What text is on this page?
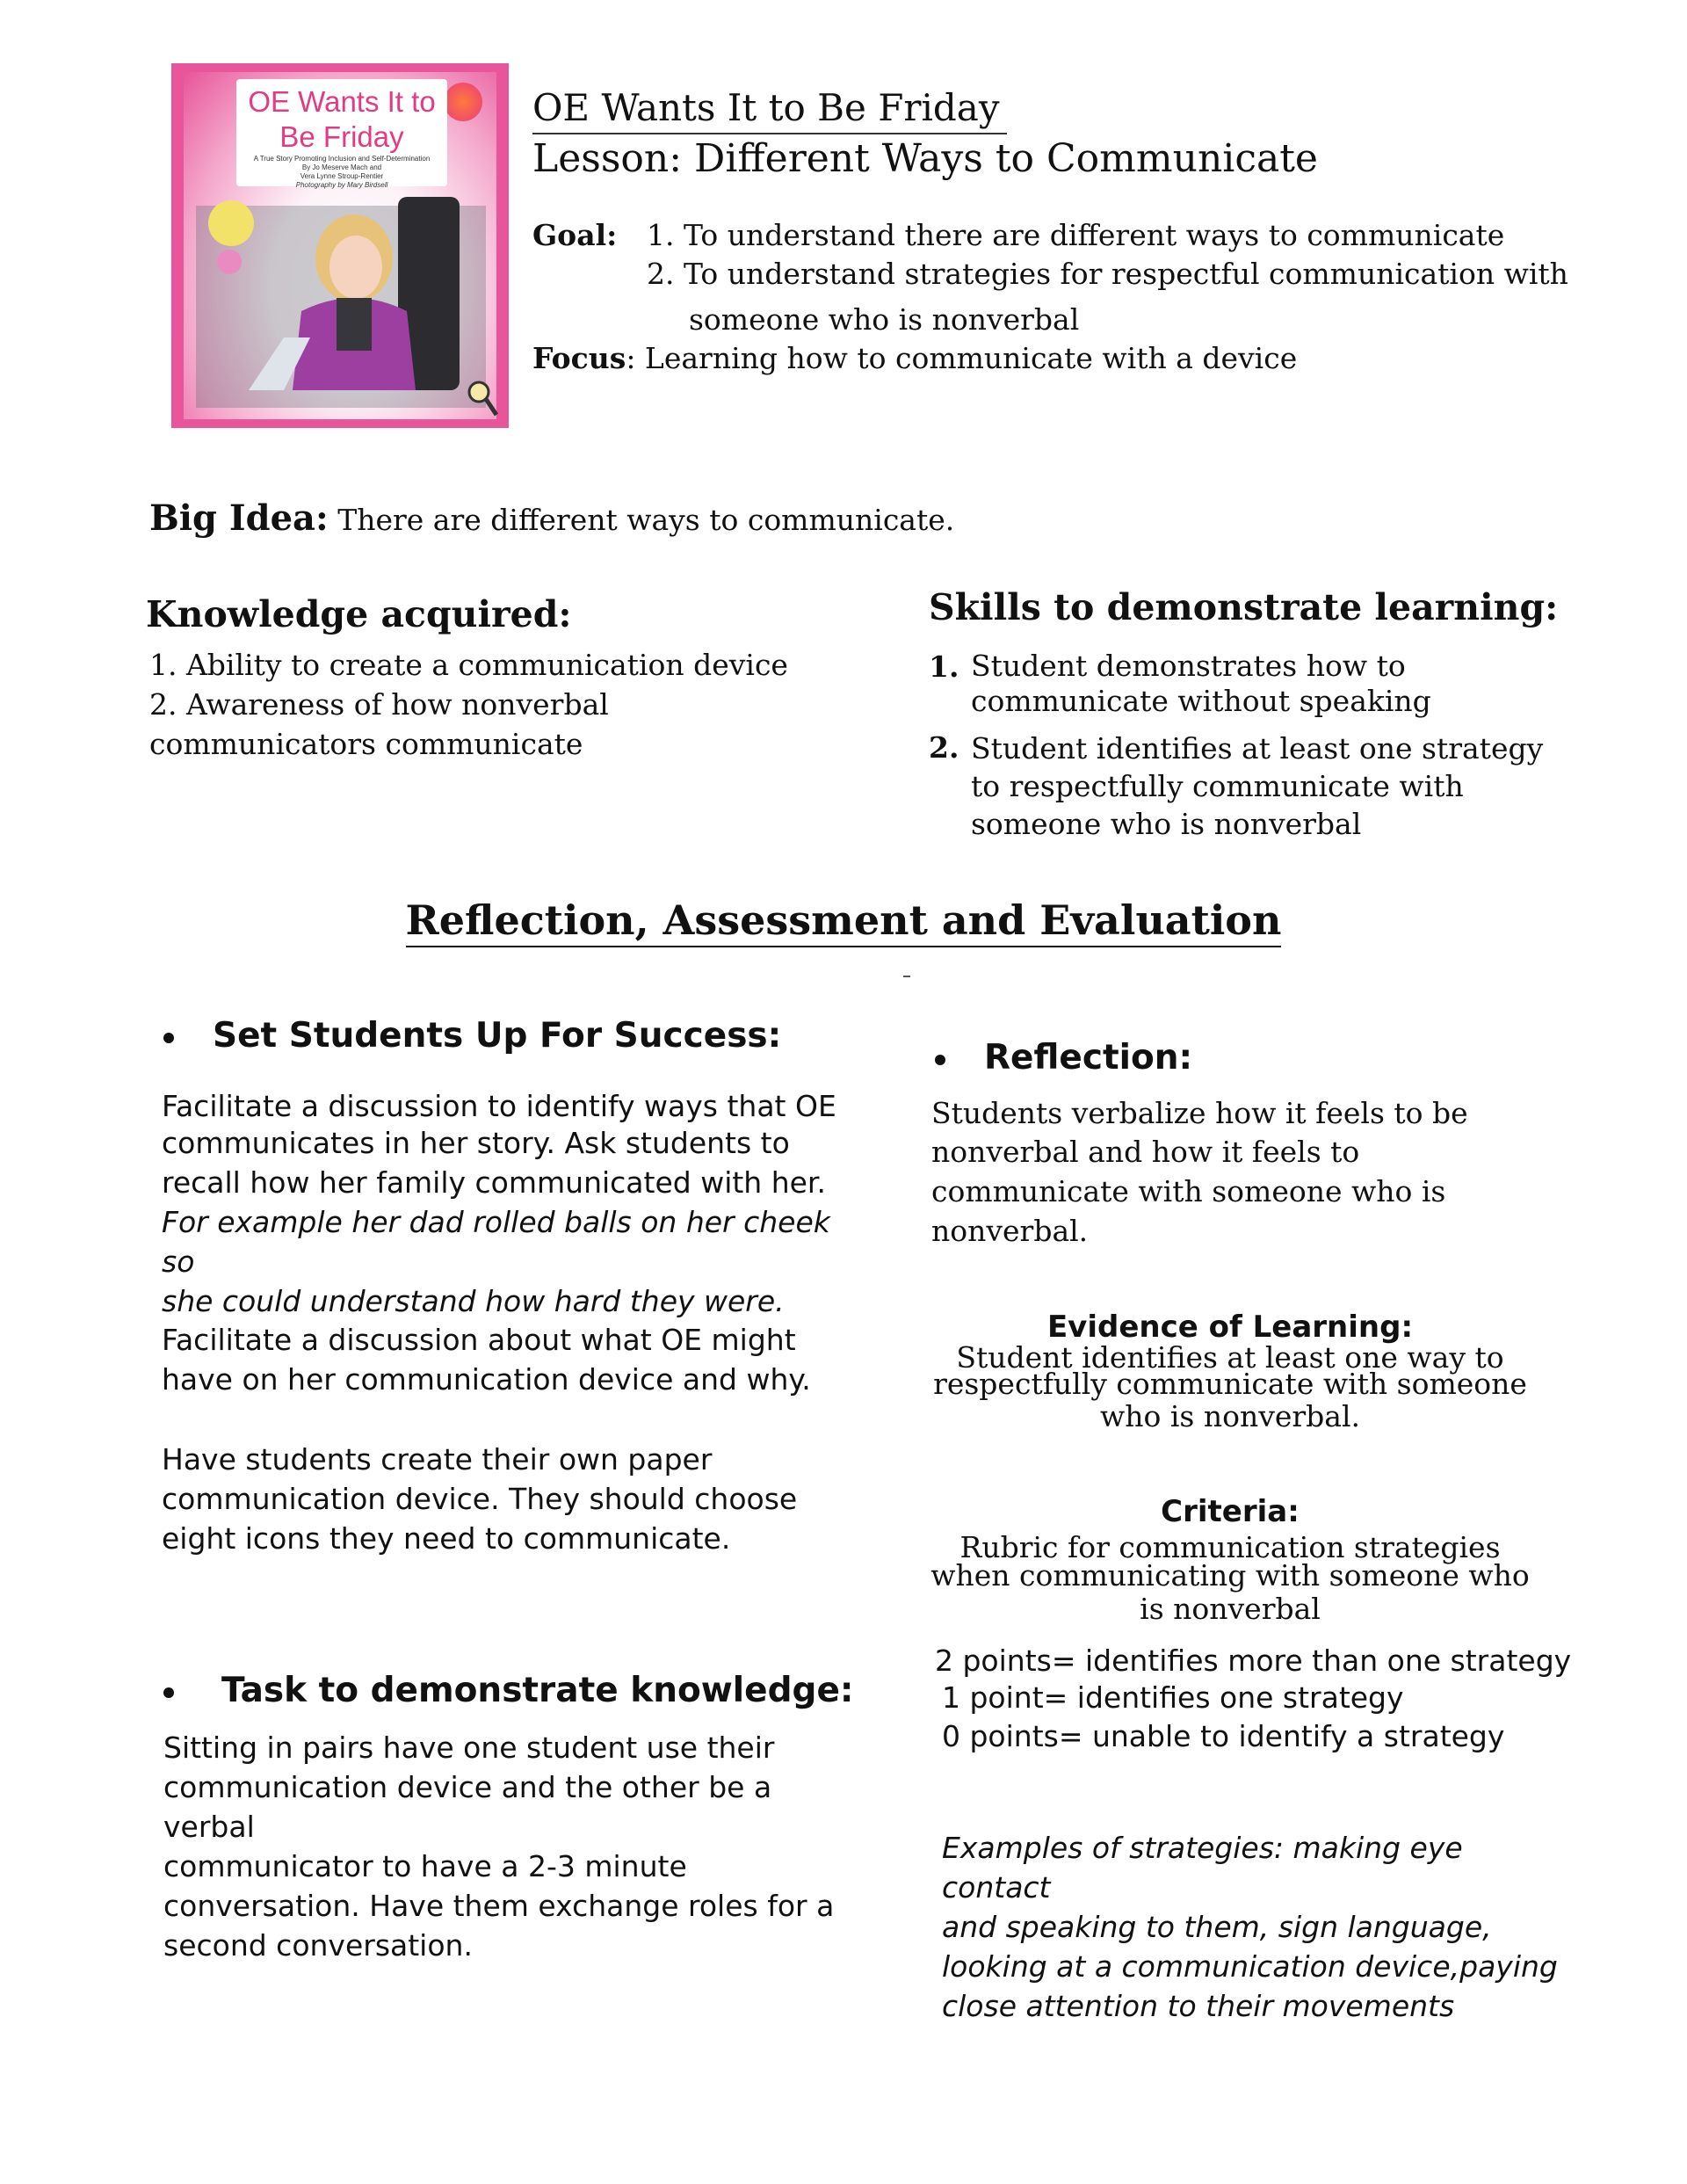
OE Wants It to Be Friday
A True Story Promoting Inclusion and Self-Determination
By Jo Meserve Mach and
Vera Lynne Stroup-Rentier
Photography by Mary Birdsell
OE Wants It to Be Friday
Lesson: Different Ways to Communicate
Goal: 1. To understand there are different ways to communicate
2. To understand strategies for respectful communication with
someone who is nonverbal
Focus: Learning how to communicate with a device
Big Idea: There are different ways to communicate.
Knowledge acquired:
1. Ability to create a communication device
2. Awareness of how nonverbal
communicators communicate
Skills to demonstrate learning:
1. Student demonstrates how to
communicate without speaking
2. Student identifies at least one strategy
to respectfully communicate with
someone who is nonverbal
Reflection, Assessment and Evaluation
Set Students Up For Success:
Facilitate a discussion to identify ways that OE
communicates in her story. Ask students to
recall how her family communicated with her.
For example her dad rolled balls on her cheek so
she could understand how hard they were.
Facilitate a discussion about what OE might
have on her communication device and why.
Have students create their own paper
communication device. They should choose
eight icons they need to communicate.
Task to demonstrate knowledge:
Sitting in pairs have one student use their
communication device and the other be a verbal
communicator to have a 2-3 minute
conversation. Have them exchange roles for a
second conversation.
Reflection:
Students verbalize how it feels to be
nonverbal and how it feels to
communicate with someone who is
nonverbal.
Evidence of Learning:
Student identifies at least one way to
respectfully communicate with someone
who is nonverbal.
Criteria:
Rubric for communication strategies
when communicating with someone who
is nonverbal
2 points= identifies more than one strategy
1 point= identifies one strategy
0 points= unable to identify a strategy
Examples of strategies: making eye contact
and speaking to them, sign language,
looking at a communication device,paying
close attention to their movements
